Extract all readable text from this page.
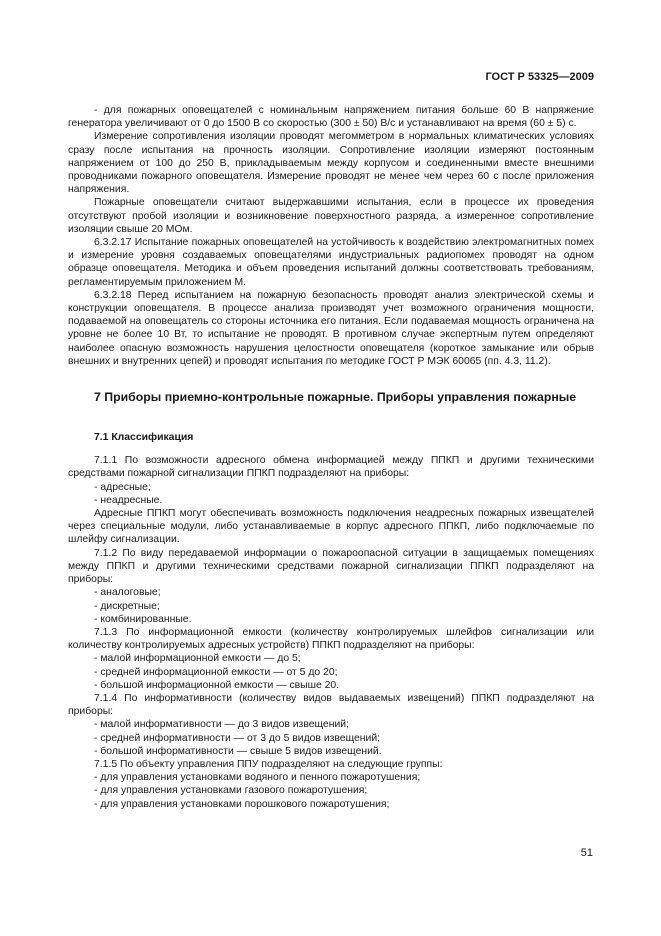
ГОСТ Р 53325—2009

- для пожарных оповещателей с номинальным напряжением питания больше 60 В напряжение генератора увеличивают от 0 до 1500 В со скоростью (300 ± 50) В/с и устанавливают на время (60 ± 5) с.

Измерение сопротивления изоляции проводят мегомметром в нормальных климатических условиях сразу после испытания на прочность изоляции. Сопротивление изоляции измеряют постоянным напряжением от 100 до 250 В, прикладываемым между корпусом и соединенными вместе внешними проводниками пожарного оповещателя. Измерение проводят не менее чем через 60 с после приложения напряжения.

Пожарные оповещатели считают выдержавшими испытания, если в процессе их проведения отсутствуют пробой изоляции и возникновение поверхностного разряда, а измеренное сопротивление изоляции свыше 20 МОм.

6.3.2.17 Испытание пожарных оповещателей на устойчивость к воздействию электромагнитных помех и измерение уровня создаваемых оповещателями индустриальных радиопомех проводят на одном образце оповещателя. Методика и объем проведения испытаний должны соответствовать требованиям, регламентируемым приложением М.

6.3.2.18 Перед испытанием на пожарную безопасность проводят анализ электрической схемы и конструкции оповещателя. В процессе анализа производят учет возможного ограничения мощности, подаваемой на оповещатель со стороны источника его питания. Если подаваемая мощность ограничена на уровне не более 10 Вт, то испытание не проводят. В противном случае экспертным путем определяют наиболее опасную возможность нарушения целостности оповещателя (короткое замыкание или обрыв внешних и внутренних цепей) и проводят испытания по методике ГОСТ Р МЭК 60065 (пп. 4.3, 11.2).

7 Приборы приемно-контрольные пожарные. Приборы управления пожарные
7.1 Классификация

7.1.1 По возможности адресного обмена информацией между ППКП и другими техническими средствами пожарной сигнализации ППКП подразделяют на приборы:

- адресные;

- неадресные.

Адресные ППКП могут обеспечивать возможность подключения неадресных пожарных извещателей через специальные модули, либо устанавливаемые в корпус адресного ППКП, либо подключаемые по шлейфу сигнализации.

7.1.2 По виду передаваемой информации о пожароопасной ситуации в защищаемых помещениях между ППКП и другими техническими средствами пожарной сигнализации ППКП подразделяют на приборы:

- аналоговые;

- дискретные;

- комбинированные.

7.1.3 По информационной емкости (количеству контролируемых шлейфов сигнализации или количеству контролируемых адресных устройств) ППКП подразделяют на приборы:

- малой информационной емкости — до 5;

- средней информационной емкости — от 5 до 20;

- большой информационной емкости — свыше 20.

7.1.4 По информативности (количеству видов выдаваемых извещений) ППКП подразделяют на приборы:

- малой информативности — до 3 видов извещений;

- средней информативности — от 3 до 5 видов извещений;

- большой информативности — свыше 5 видов извещений.

7.1.5 По объекту управления ППУ подразделяют на следующие группы:

- для управления установками водяного и пенного пожаротушения;

- для управления установками газового пожаротушения;

- для управления установками порошкового пожаротушения;

51
